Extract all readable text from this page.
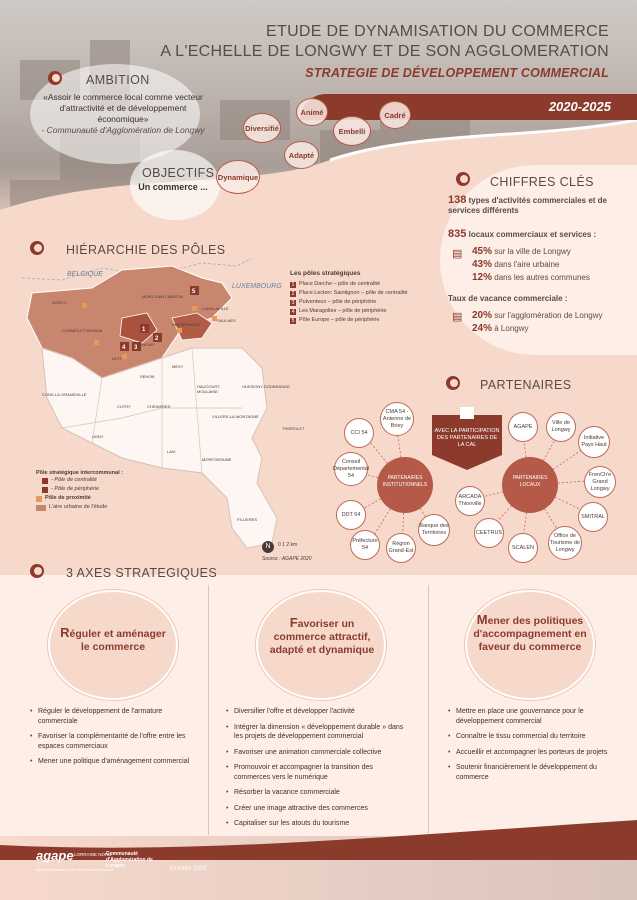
ETUDE DE DYNAMISATION DU COMMERCE
A L'ECHELLE DE LONGWY ET DE SON AGGLOMERATION
STRATEGIE DE DÉVELOPPEMENT COMMERCIAL
2020-2025
AMBITION
«Assoir le commerce local comme vecteur d'attractivité et de développement économique»
- Communauté d'Agglomération de Longwy
OBJECTIFS
Un commerce ...
Diversifié
Animé
Embelli
Cadré
Adapté
Dynamique	CHIFFRES CLÉS
138 types d'activités commerciales et de services différents
835 locaux commerciaux et services :
▤ 45% sur la ville de Longwy
43% dans l'aire urbaine
12% dans les autres communes
Taux de vacance commerciale :
▤ 20% sur l'agglomération de Longwy
24% à Longwy
HIÉRARCHIE DES PÔLES
1
2
3
4
5
GORCY
MONT-SAINT-MARTIN
LONGLAVILLE
SAULNES
COSNES-ET-ROMAIN
HERSERANGE
LEXY
LONGWY
REHON
MEXY
HAUCOURT-
MOULAINE
HUSSIGNY-GODBRANGE
CONS-LA-GRANDVILLE
CUTRY	CHENIERES
VILLERS-LA-MONTAGNE
UGNY
LAIX
THIEROLET
MORFONTAINE
FILLIERES
BELGIQUE
LUXEMBOURG
Les pôles stratégiques
1 Place Darche – pôle de centralité
2 Place Leclerc Saintignon – pôle de centralité
3 Pulventeux – pôle de périphérie
4 Les Maragolles – pôle de périphérie
5 Pôle Europe – pôle de périphérie
Pôle stratégique intercommunal :
- Pôle de centralité
- Pôle de périphérie
Pôle de proximité
L'aire urbaine de l'étude
N	0 1 2 km
Source : AGAPE 2020
PARTENAIRES
AVEC LA PARTICIPATION DES PARTENAIRES DE LA CAL
PARTENAIRES INSTITUTIONNELS
PARTENAIRES LOCAUX
CCI 54
CMA 54 - Antenne de Briey
Conseil Départemental 54
DDT 54
Préfecture 54
Région Grand-Est
Banque des Territoires
ARCADA Thionville
CEETRUS
SCALEN
AGAPE
Ville de Longwy
Initiative Pays Haut
FrenCh'e Grand Longwy
SMITRAL
Office de Tourisme de Longwy
3 AXES STRATEGIQUES
Réguler et aménager le commerce
• Réguler le développement de l'armature commerciale
• Favoriser la complémentarité de l'offre entre les espaces commerciaux
• Mener une politique d'aménagement commercial
Favoriser un commerce attractif, adapté et dynamique
• Diversifier l'offre et développer l'activité
• Intégrer la dimension « développement durable » dans les projets de développement commercial
• Favoriser une animation commerciale collective
• Promouvoir et accompagner la transition des commerces vers le numérique
• Résorber la vacance commerciale
• Créer une image attractive des commerces
• Capitaliser sur les atouts du tourisme
Mener des politiques d'accompagnement en faveur du commerce
• Mettre en place une gouvernance pour le développement commercial
• Connaître le tissu commercial du territoire
• Accueillir et accompagner les porteurs de projets
• Soutenir financièrement le développement du commerce
agape LORRAINE NORD
agence d'urbanisme et de développement durable
Communauté d'Agglomération de Longwy	Octobre 2020
